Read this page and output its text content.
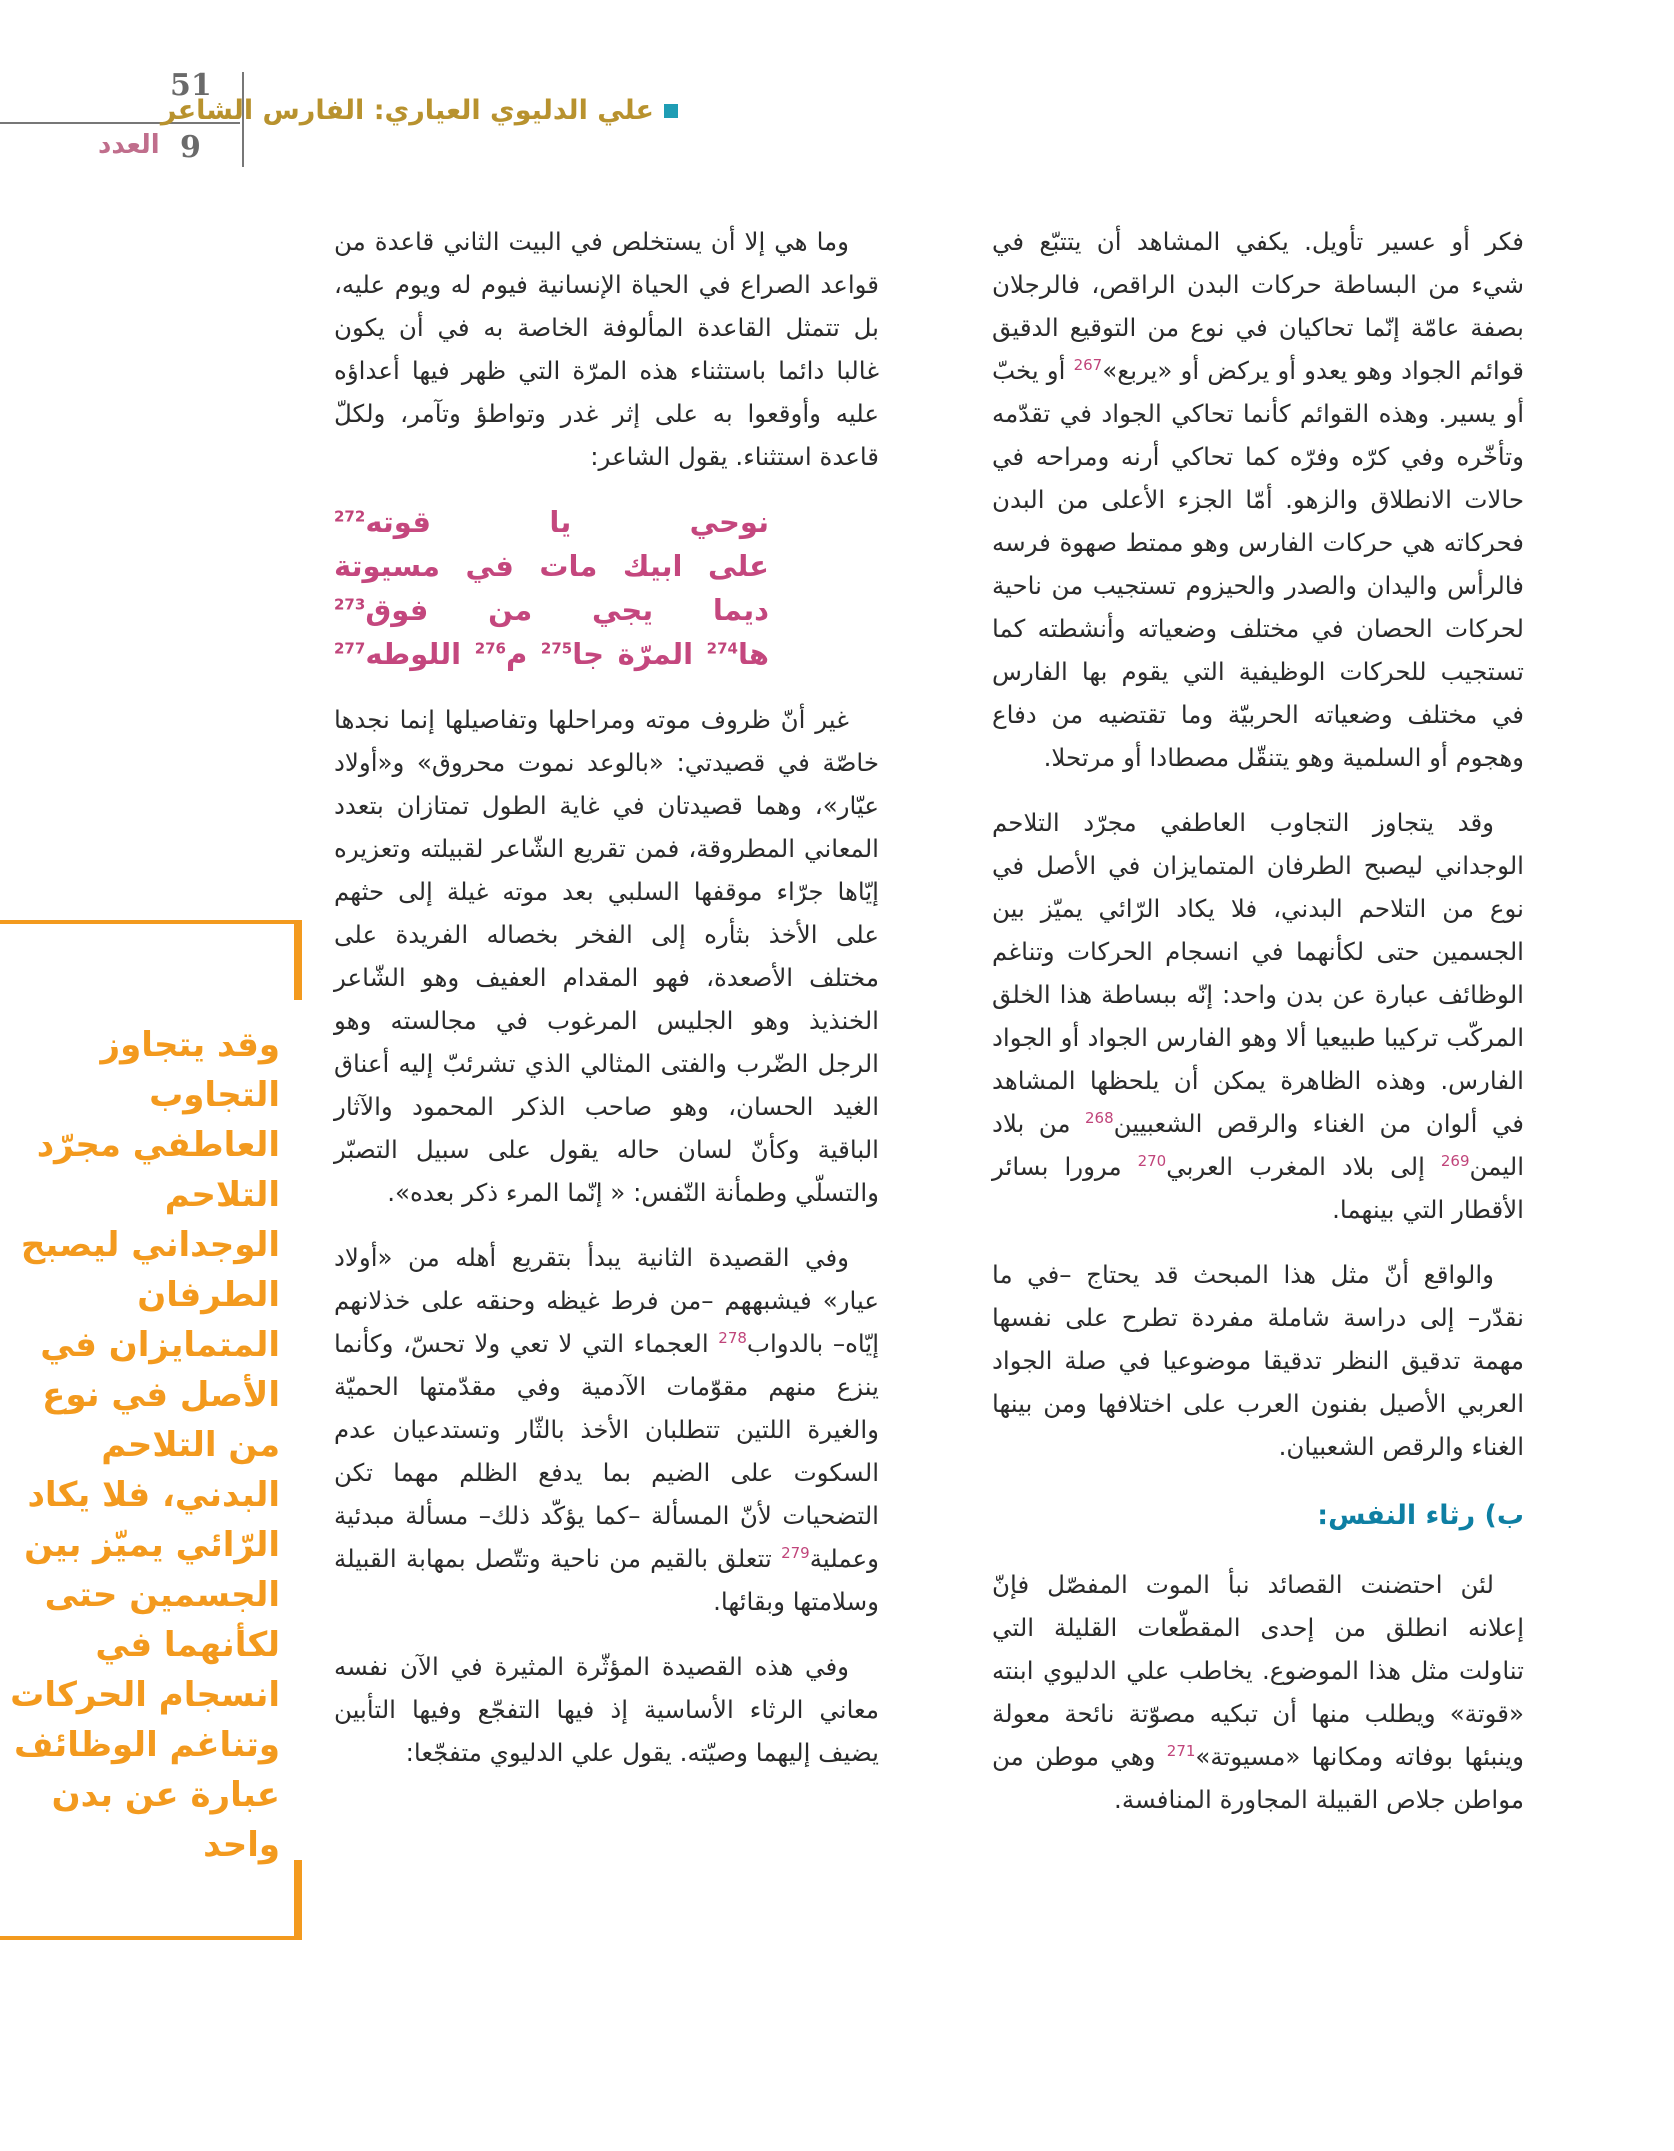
51
9
العدد
علي الدليوي العياري: الفارس الشاعر

فكر أو عسير تأويل. يكفي المشاهد أن يتتبّع في شيء من البساطة حركات البدن الراقص، فالرجلان بصفة عامّة إنّما تحاكيان في نوع من التوقيع الدقيق قوائم الجواد وهو يعدو أو يركض أو «يربع»$^{267}$ أو يخبّ أو يسير. وهذه القوائم كأنما تحاكي الجواد في تقدّمه وتأخّره وفي كرّه وفرّه كما تحاكي أرنه ومراحه في حالات الانطلاق والزهو. أمّا الجزء الأعلى من البدن فحركاته هي حركات الفارس وهو ممتط صهوة فرسه فالرأس واليدان والصدر والحيزوم تستجيب من ناحية لحركات الحصان في مختلف وضعياته وأنشطته كما تستجيب للحركات الوظيفية التي يقوم بها الفارس في مختلف وضعياته الحربيّة وما تقتضيه من دفاع وهجوم أو السلمية وهو يتنقّل مصطادا أو مرتحلا.

وقد يتجاوز التجاوب العاطفي مجرّد التلاحم الوجداني ليصبح الطرفان المتمايزان في الأصل في نوع من التلاحم البدني، فلا يكاد الرّائي يميّز بين الجسمين حتى لكأنهما في انسجام الحركات وتناغم الوظائف عبارة عن بدن واحد: إنّه ببساطة هذا الخلق المركّب تركيبا طبيعيا ألا وهو الفارس الجواد أو الجواد الفارس. وهذه الظاهرة يمكن أن يلحظها المشاهد في ألوان من الغناء والرقص الشعبيين$^{268}$ من بلاد اليمن$^{269}$ إلى بلاد المغرب العربي$^{270}$ مرورا بسائر الأقطار التي بينهما.

والواقع أنّ مثل هذا المبحث قد يحتاج –في ما نقدّر– إلى دراسة شاملة مفردة تطرح على نفسها مهمة تدقيق النظر تدقيقا موضوعيا في صلة الجواد العربي الأصيل بفنون العرب على اختلافها ومن بينها الغناء والرقص الشعبيان.

ب) رثاء النفس:

لئن احتضنت القصائد نبأ الموت المفصّل فإنّ إعلانه انطلق من إحدى المقطّعات القليلة التي تناولت مثل هذا الموضوع. يخاطب علي الدليوي ابنته «قوتة» ويطلب منها أن تبكيه مصوّتة نائحة معولة وينبئها بوفاته ومكانها «مسيوتة»$^{271}$ وهي موطن من مواطن جلاص القبيلة المجاورة المنافسة.

وما هي إلا أن يستخلص في البيت الثاني قاعدة من قواعد الصراع في الحياة الإنسانية فيوم له ويوم عليه، بل تتمثل القاعدة المألوفة الخاصة به في أن يكون غالبا دائما باستثناء هذه المرّة التي ظهر فيها أعداؤه عليه وأوقعوا به على إثر غدر وتواطؤ وتآمر، ولكلّ قاعدة استثناء. يقول الشاعر:

نوحي يا قوته$^{272}$
على ابيك مات في مسيوتة
ديما يجي من فوق$^{273}$
ها$^{274}$ المرّة جا$^{275}$ م$^{276}$ اللوطه$^{277}$

غير أنّ ظروف موته ومراحلها وتفاصيلها إنما نجدها خاصّة في قصيدتي: «بالوعد نموت محروق» و«أولاد عيّار»، وهما قصيدتان في غاية الطول تمتازان بتعدد المعاني المطروقة، فمن تقريع الشّاعر لقبيلته وتعزيره إيّاها جرّاء موقفها السلبي بعد موته غيلة إلى حثهم على الأخذ بثأره إلى الفخر بخصاله الفريدة على مختلف الأصعدة، فهو المقدام العفيف وهو الشّاعر الخنذيذ وهو الجليس المرغوب في مجالسته وهو الرجل الضّرب والفتى المثالي الذي تشرئبّ إليه أعناق الغيد الحسان، وهو صاحب الذكر المحمود والآثار الباقية وكأنّ لسان حاله يقول على سبيل التصبّر والتسلّي وطمأنة النّفس: « إنّما المرء ذكر بعده».

وفي القصيدة الثانية يبدأ بتقريع أهله من «أولاد عيار» فيشبههم –من فرط غيظه وحنقه على خذلانهم إيّاه– بالدواب$^{278}$ العجماء التي لا تعي ولا تحسّ، وكأنما ينزع منهم مقوّمات الآدمية وفي مقدّمتها الحميّة والغيرة اللتين تتطلبان الأخذ بالثّار وتستدعيان عدم السكوت على الضيم بما يدفع الظلم مهما تكن التضحيات لأنّ المسألة –كما يؤكّد ذلك– مسألة مبدئية وعملية$^{279}$ تتعلق بالقيم من ناحية وتتّصل بمهابة القبيلة وسلامتها وبقائها.

وفي هذه القصيدة المؤثّرة المثيرة في الآن نفسه معاني الرثاء الأساسية إذ فيها التفجّع وفيها التأبين يضيف إليهما وصيّته. يقول علي الدليوي متفجّعا:

وقد يتجاوز التجاوب العاطفي مجرّد التلاحم الوجداني ليصبح الطرفان المتمايزان في الأصل في نوع من التلاحم البدني، فلا يكاد الرّائي يميّز بين الجسمين حتى لكأنهما في انسجام الحركات وتناغم الوظائف عبارة عن بدن واحد
